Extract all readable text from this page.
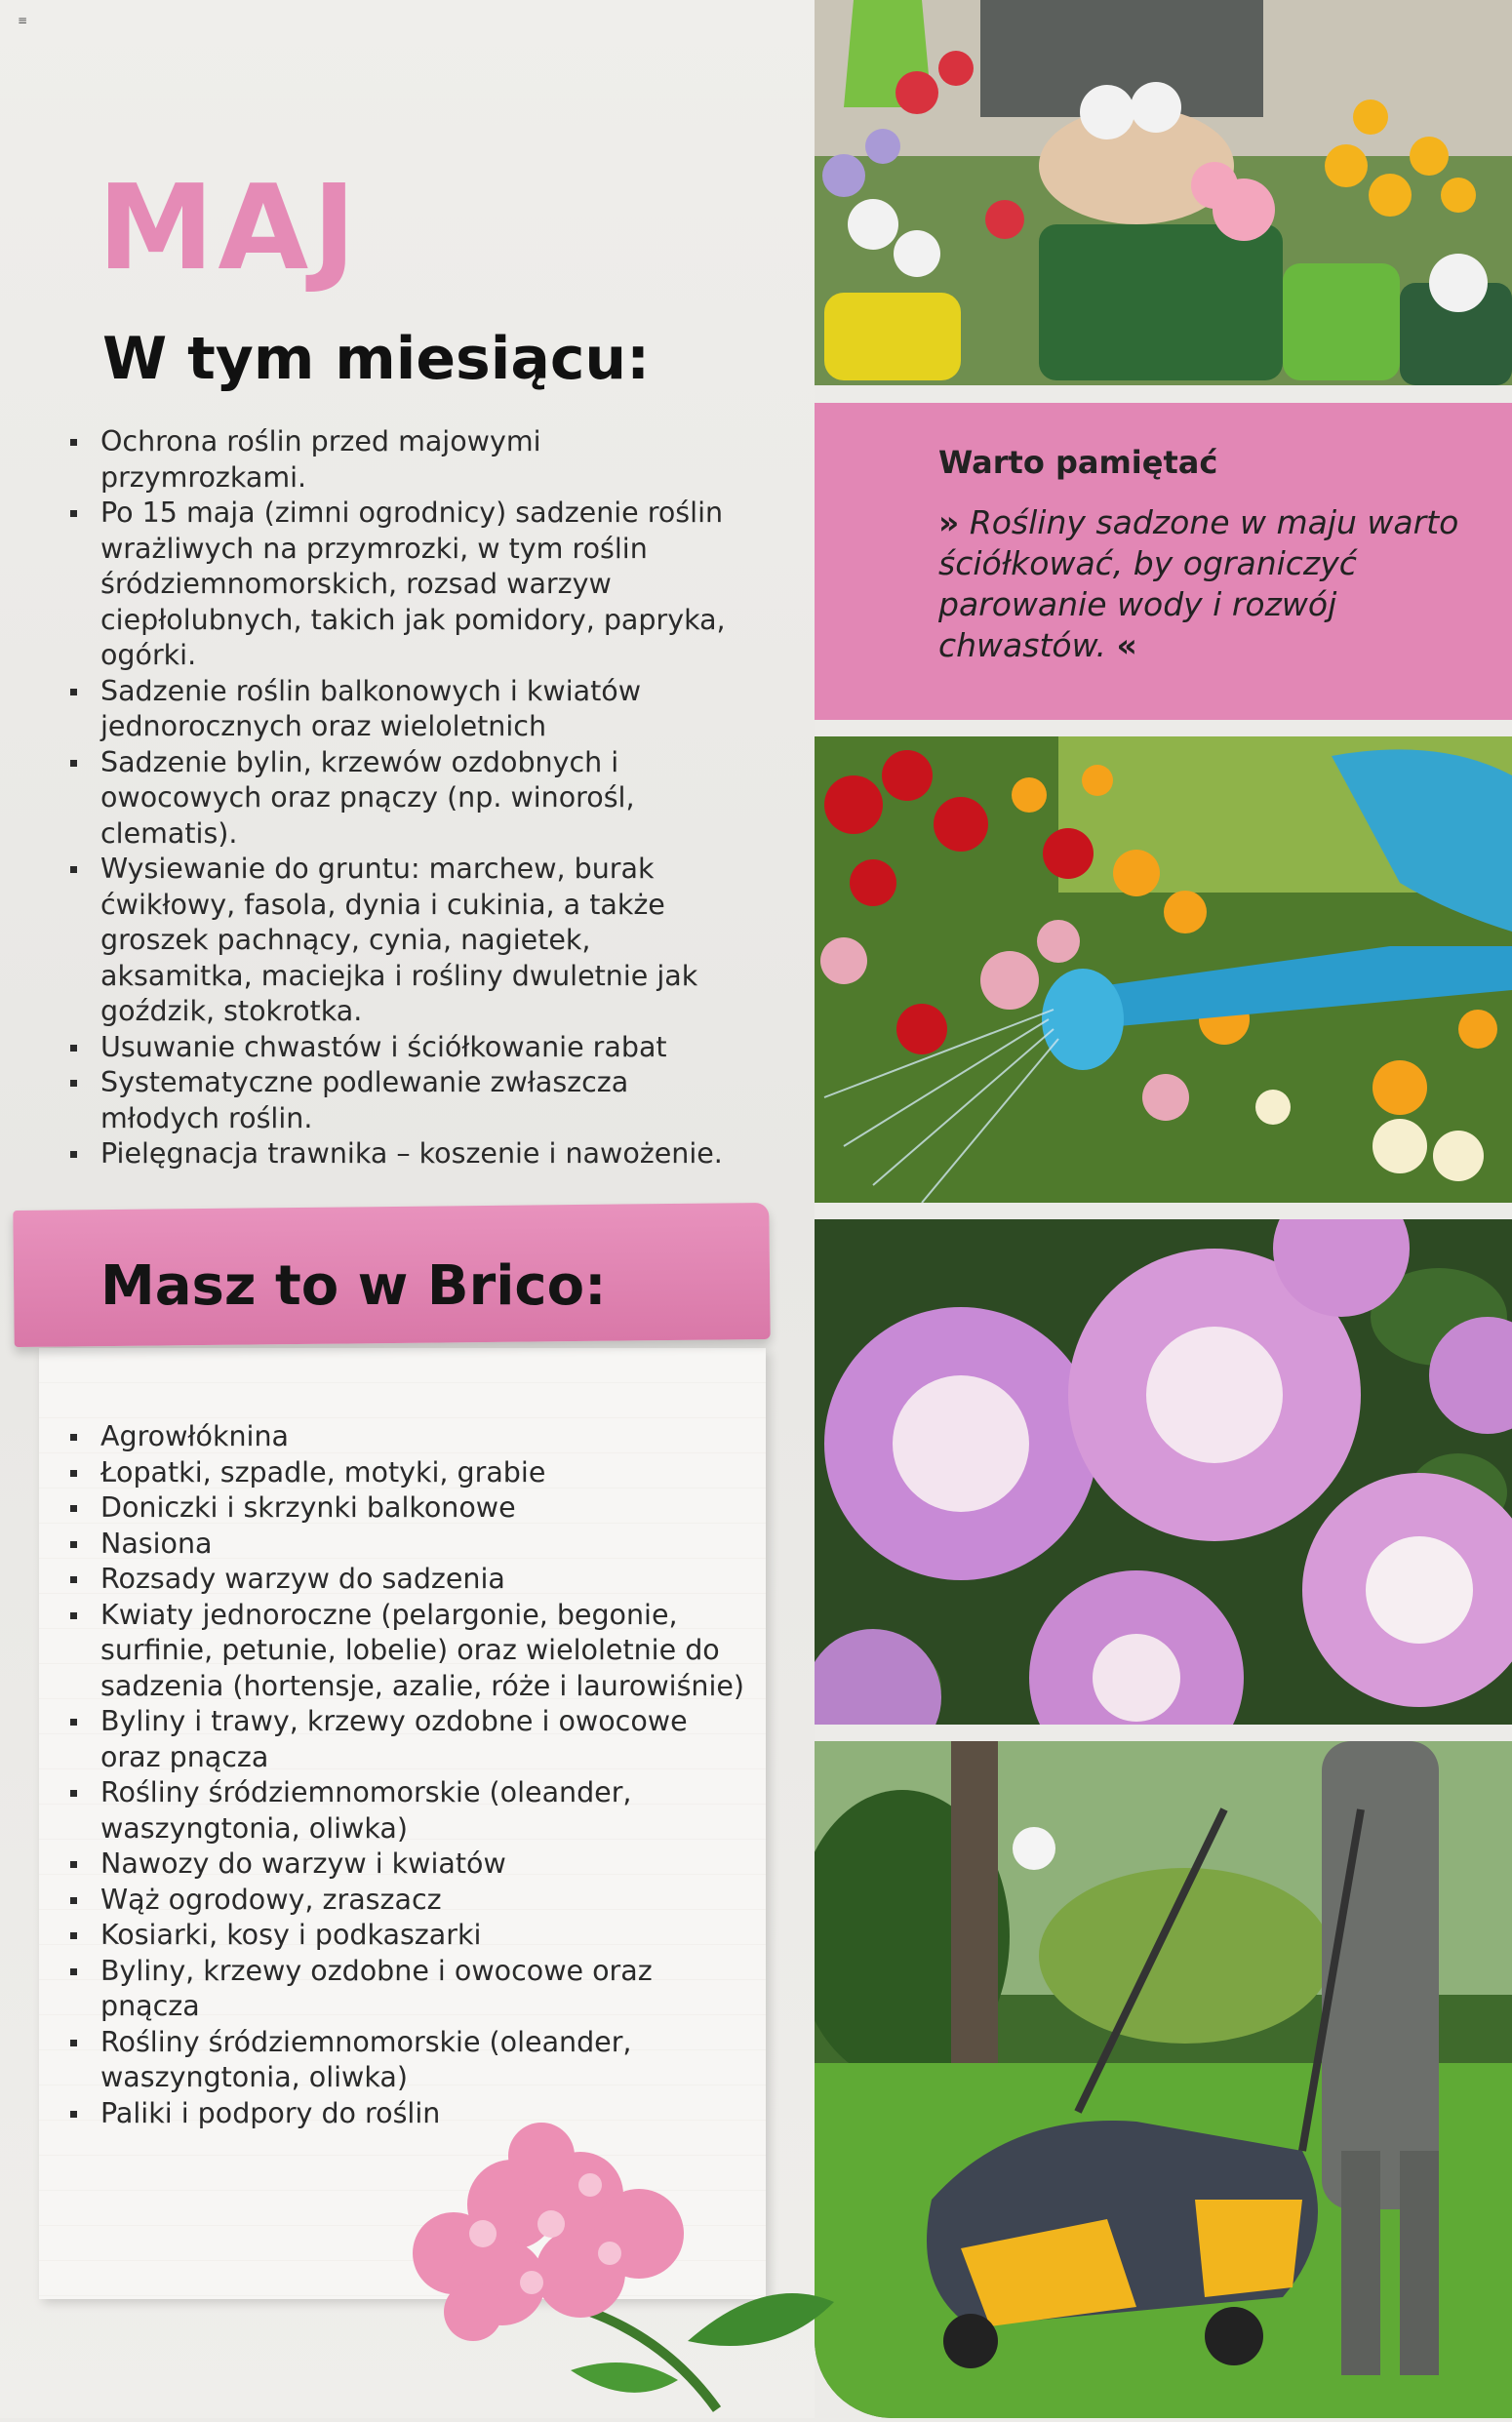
≡
MAJ
W tym miesiącu:
Ochrona roślin przed majowymi przymrozkami.
Po 15 maja (zimni ogrodnicy) sadzenie roślin wrażliwych na przymrozki, w tym roślin śródziemnomorskich, rozsad warzyw ciepłolubnych, takich jak pomidory, papryka, ogórki.
Sadzenie roślin balkonowych i kwiatów jednorocznych oraz wieloletnich
Sadzenie bylin, krzewów ozdobnych i owocowych oraz pnączy (np. winorośl, clematis).
Wysiewanie do gruntu: marchew, burak ćwikłowy, fasola, dynia i cukinia, a także groszek pachnący, cynia, nagietek, aksamitka, maciejka i rośliny dwuletnie jak goździk, stokrotka.
Usuwanie chwastów i ściółkowanie rabat
Systematyczne podlewanie zwłaszcza młodych roślin.
Pielęgnacja trawnika – koszenie i nawożenie.
Masz to w Brico:
Agrowłóknina
Łopatki, szpadle, motyki, grabie
Doniczki i skrzynki balkonowe
Nasiona
Rozsady warzyw do sadzenia
Kwiaty jednoroczne (pelargonie, begonie, surfinie, petunie, lobelie) oraz wieloletnie do sadzenia (hortensje, azalie, róże i laurowiśnie)
Byliny i trawy, krzewy ozdobne i owocowe oraz pnącza
Rośliny śródziemnomorskie (oleander, waszyngtonia, oliwka)
Nawozy do warzyw i kwiatów
Wąż ogrodowy, zraszacz
Kosiarki, kosy i podkaszarki
Byliny, krzewy ozdobne i owocowe oraz pnącza
Rośliny śródziemnomorskie (oleander, waszyngtonia, oliwka)
Paliki i podpory do roślin
Warto pamiętać

» Rośliny sadzone w maju warto ściółkować, by ograniczyć parowanie wody i rozwój chwastów. «
